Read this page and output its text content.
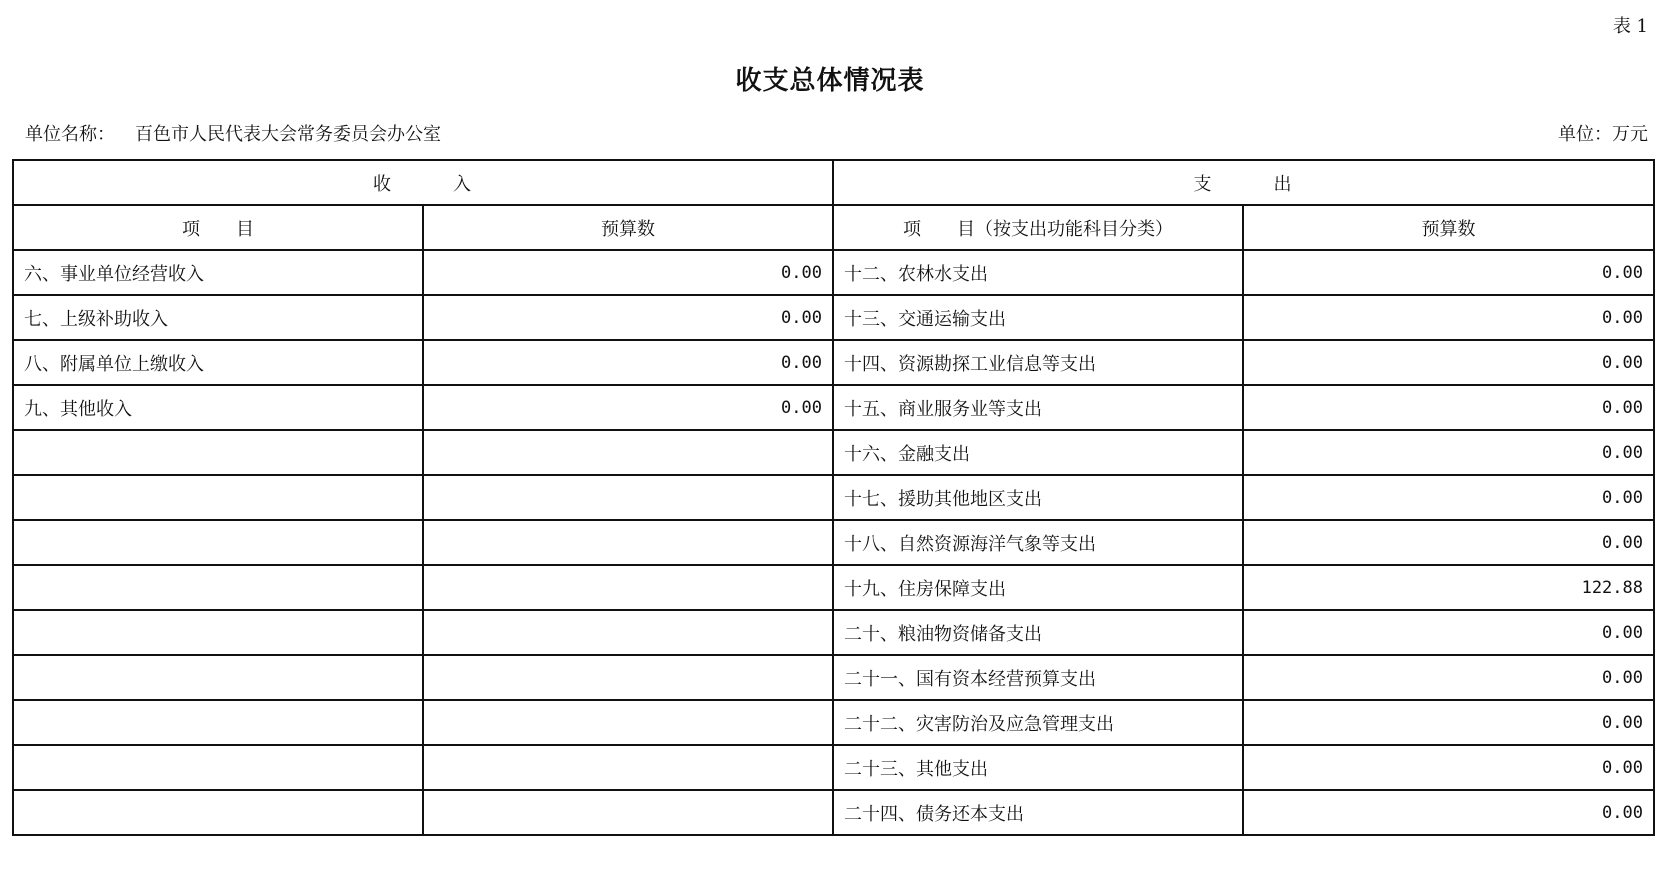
表 1
收支总体情况表
单位名称： 百色市人民代表大会常务委员会办公室	单位：万元
收　　　入		支　　　出	
项　　目	预算数	项　　目（按支出功能科目分类）	预算数
六、事业单位经营收入	0.00	十二、农林水支出	0.00
七、上级补助收入	0.00	十三、交通运输支出	0.00
八、附属单位上缴收入	0.00	十四、资源勘探工业信息等支出	0.00
九、其他收入	0.00	十五、商业服务业等支出	0.00
		十六、金融支出	0.00
		十七、援助其他地区支出	0.00
		十八、自然资源海洋气象等支出	0.00
		十九、住房保障支出	122.88
		二十、粮油物资储备支出	0.00
		二十一、国有资本经营预算支出	0.00
		二十二、灾害防治及应急管理支出	0.00
		二十三、其他支出	0.00
		二十四、债务还本支出	0.00
